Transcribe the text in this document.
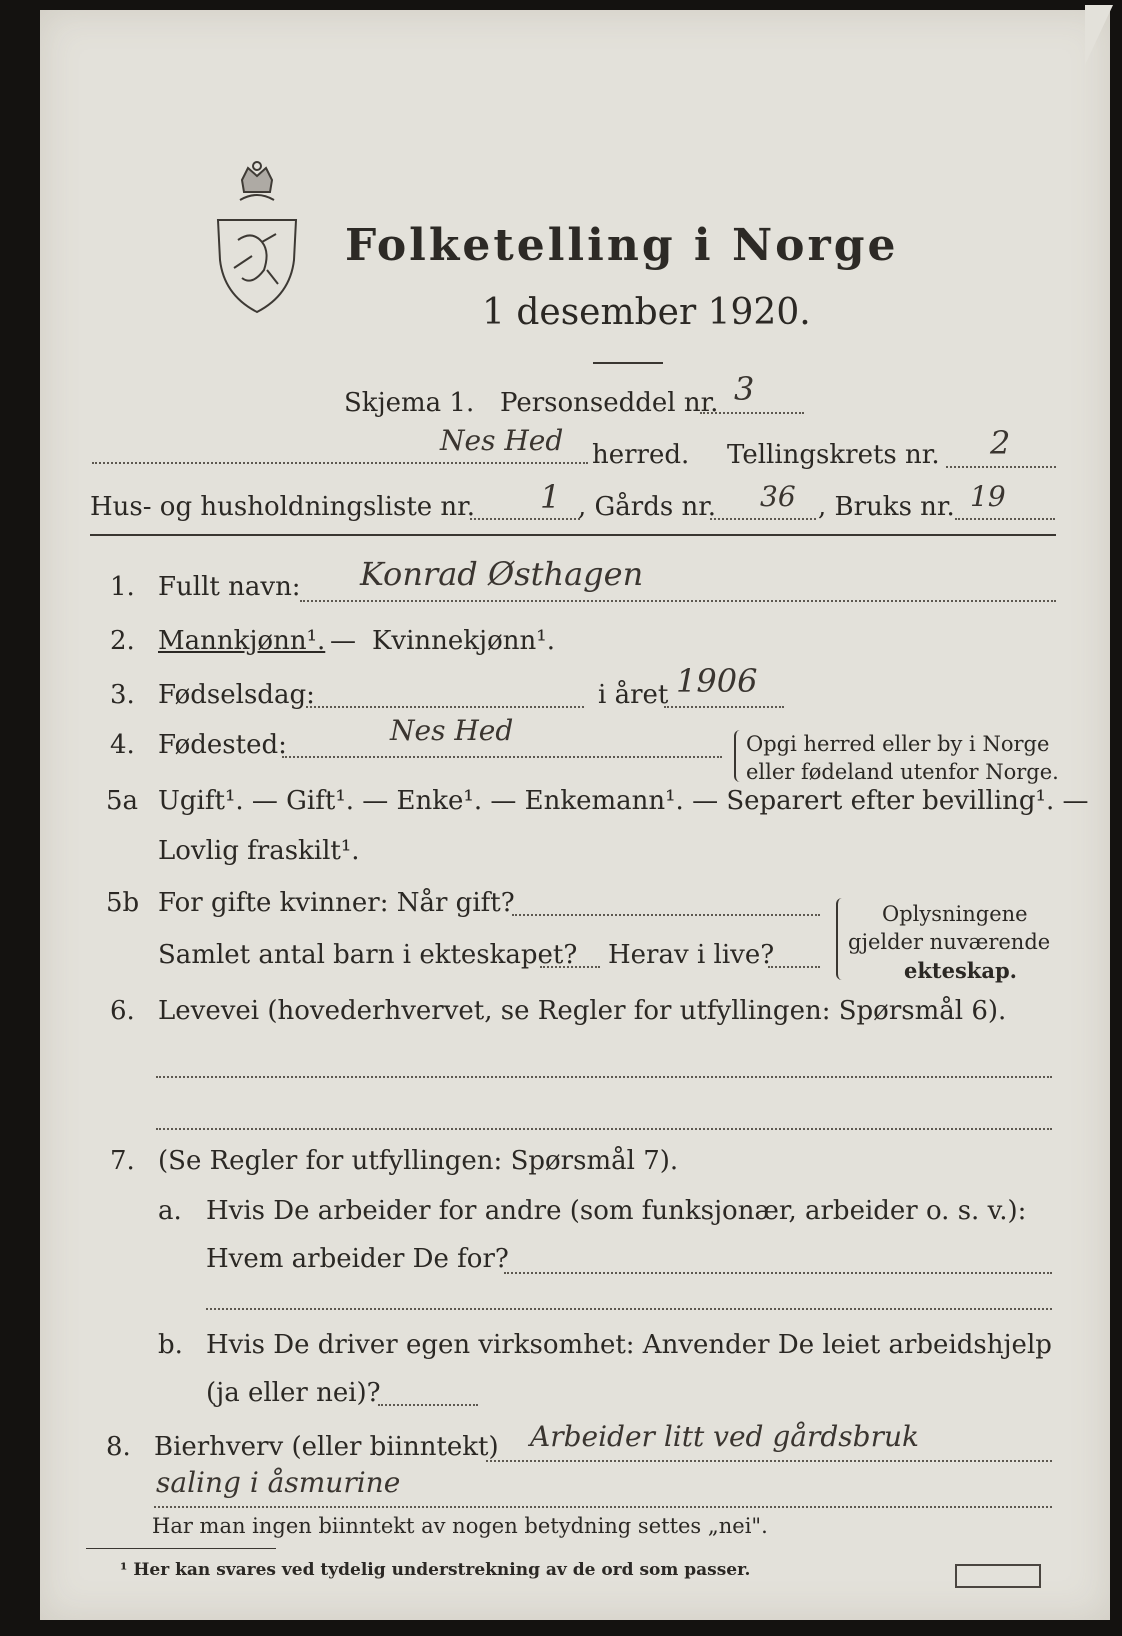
Folketelling i Norge
1 desember 1920.
Skjema 1. Personseddel nr. 3
Nes Hed herred. Tellingskrets nr. 2
Hus- og husholdningsliste nr. 1 , Gårds nr. 36 , Bruks nr. 19
1. Fullt navn: Konrad Østhagen
2. Mannkjønn¹. — Kvinnekjønn¹.
3. Fødselsdag:	i året 1906
4. Fødested:	Nes Hed	Opgi herred eller by i Norge
eller fødeland utenfor Norge.
5a Ugift¹. — Gift¹. — Enke¹. — Enkemann¹. — Separert efter bevilling¹. —
Lovlig fraskilt¹.
5b For gifte kvinner: Når gift?
Samlet antal barn i ekteskapet? Herav i live?
Oplysningene
gjelder nuværende
ekteskap.
6. Levevei (hovederhvervet, se Regler for utfyllingen: Spørsmål 6).
7. (Se Regler for utfyllingen: Spørsmål 7).
a. Hvis De arbeider for andre (som funksjonær, arbeider o. s. v.):
Hvem arbeider De for?
b. Hvis De driver egen virksomhet: Anvender De leiet arbeidshjelp
(ja eller nei)?
8. Bierhverv (eller biinntekt) Arbeider litt ved gårdsbruk
saling i åsmurine
Har man ingen biinntekt av nogen betydning settes „nei".
¹ Her kan svares ved tydelig understrekning av de ord som passer.
